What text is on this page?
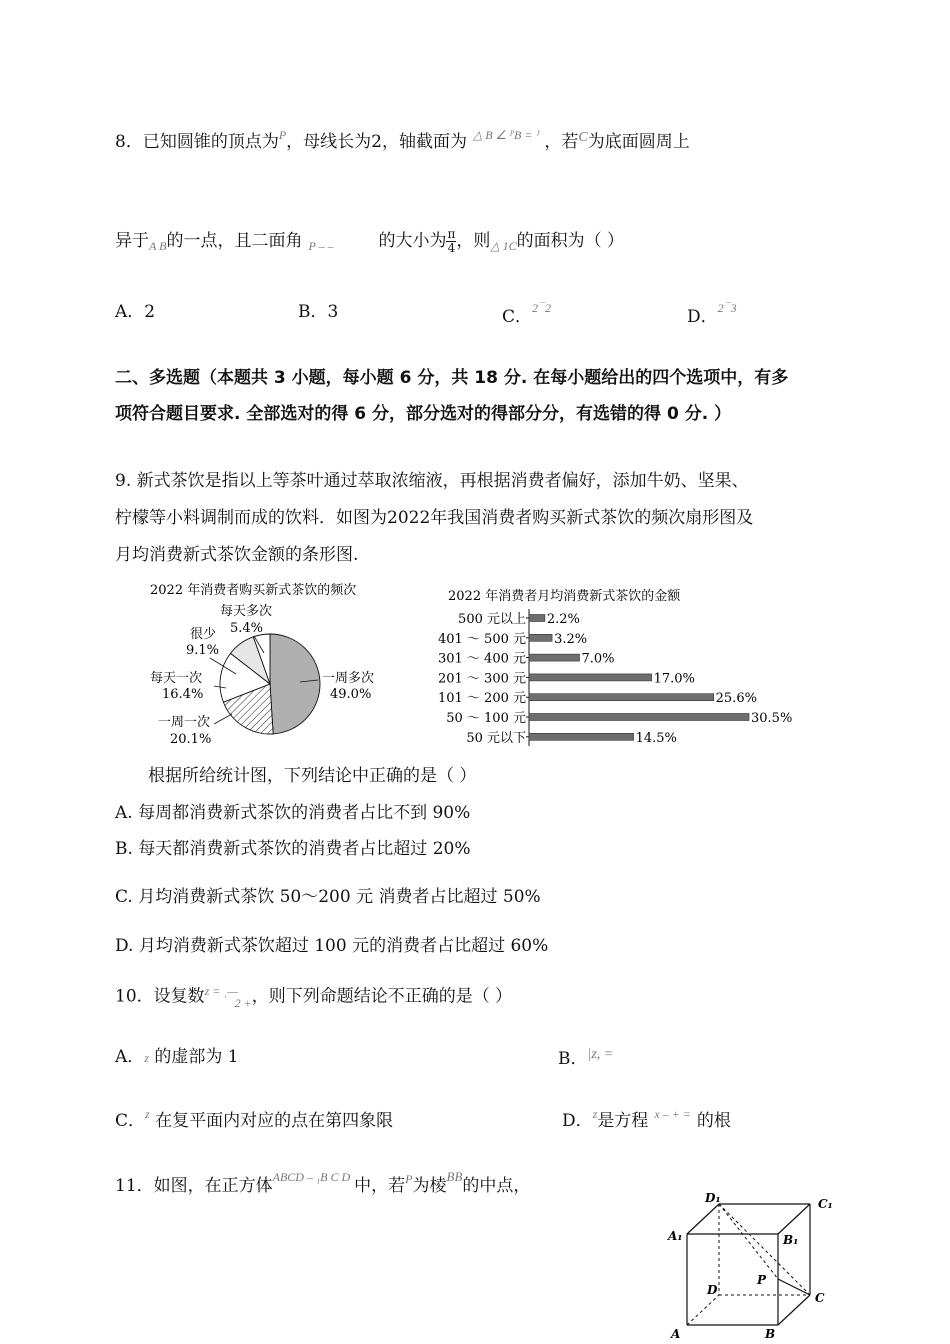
8．已知圆锥的顶点为$^P$，母线长为2，轴截面为 $^{\triangle B \angle ᴾB = ^)}$ ，若$^C$为底面圆周上
异于$_{A B}$的一点，且二面角 P – –	的大小为 $\frac{\pi}{4}$ ，则$_{\triangle 1C}$的面积为（ ）
A．2	B．3	C．$^{2 ‾2}$	D．$^{2 ‾3}$
二、多选题（本题共 3 小题，每小题 6 分，共 18 分. 在每小题给出的四个选项中，有多
项符合题目要求. 全部选对的得 6 分，部分选对的得部分分，有选错的得 0 分. ）
9. 新式茶饮是指以上等茶叶通过萃取浓缩液，再根据消费者偏好，添加牛奶、坚果、
柠檬等小料调制而成的饮料．如图为2022年我国消费者购买新式茶饮的频次扇形图及
月均消费新式茶饮金额的条形图.
2022 年消费者购买新式茶饮的频次
每天多次
5.4%
很少
9.1%
每天一次
16.4%
一周一次
20.1%
一周多次
49.0%
2022 年消费者月均消费新式茶饮的金额
500 元以上 2.2%
401 ～ 500 元 3.2%
301 ～ 400 元	7.0%
201 ～ 300 元	17.0%
101 ～ 200 元	25.6%
50 ～ 100 元	30.5%
50 元以下	14.5%
根据所给统计图，下列结论中正确的是（ ）
A. 每周都消费新式茶饮的消费者占比不到 90%
B. 每天都消费新式茶饮的消费者占比超过 20%
C. 月均消费新式茶饮 50～200 元 消费者占比超过 50%
D. 月均消费新式茶饮超过 100 元的消费者占比超过 60%
10．设复数 z = ˌ—
2 + ，则下列命题结论不正确的是（ ）
A．z 的虚部为 1	B．$^{|z, =}$
C．$^z$ 在复平面内对应的点在第四象限	D．$^z$是方程 $^{x - + =}$ 的根
11．如图，在正方体$^{ABCD - _1B C D}$ 中，若$^P$为棱$^{BB}$的中点，
D₁	C₁
A₁	B₁
D
P
C
A	B
